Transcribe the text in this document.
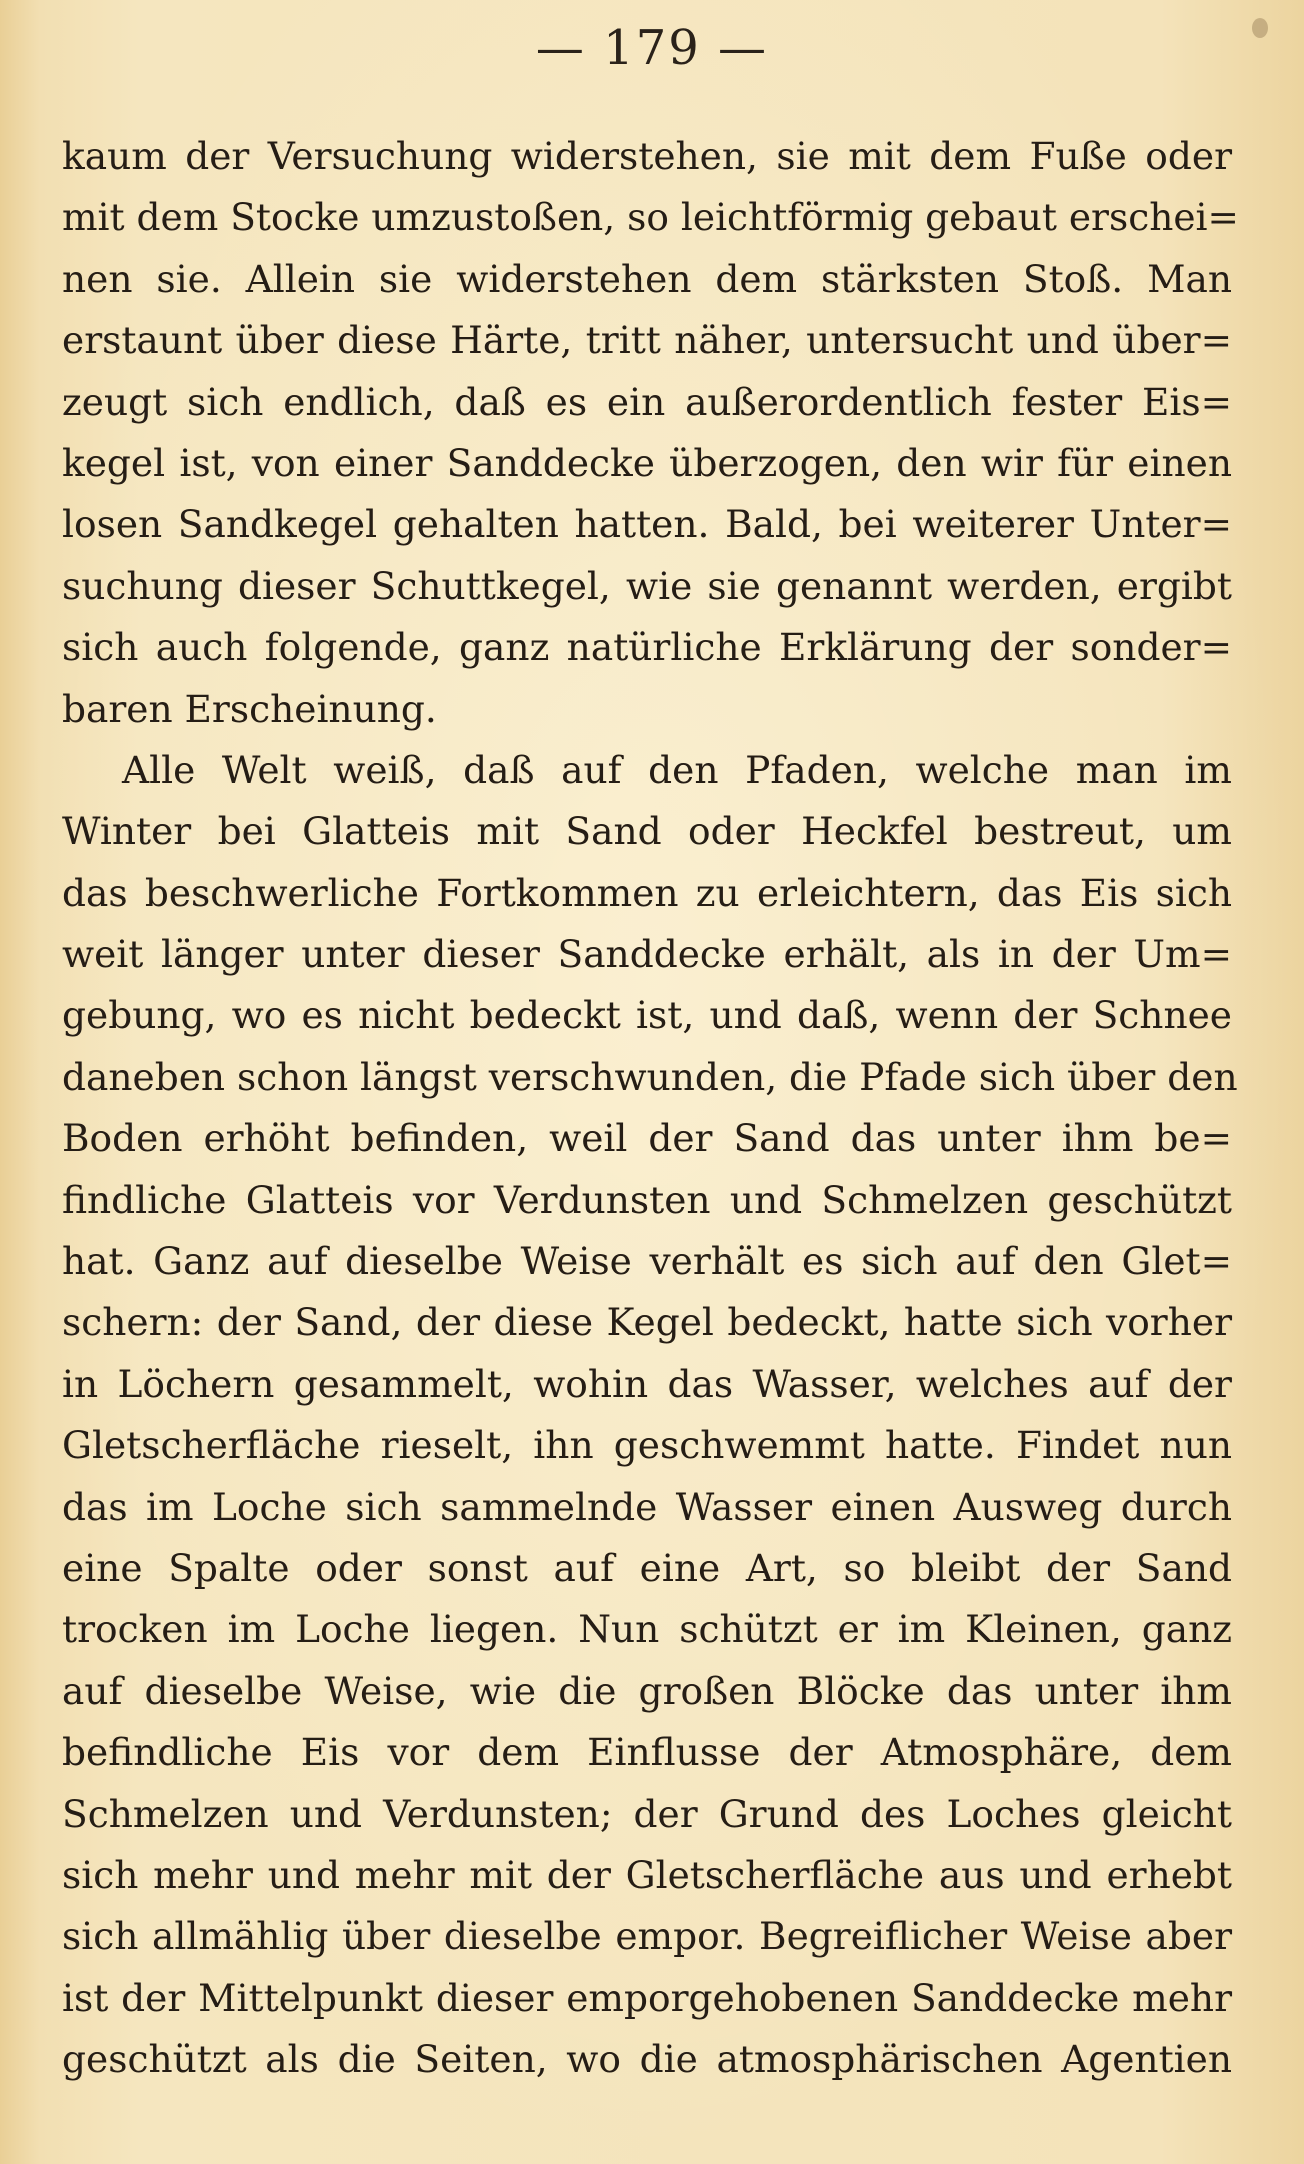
— 179 —
kaum der Versuchung widerstehen, sie mit dem Fuße oder
mit dem Stocke umzustoßen, so leichtförmig gebaut erschei=
nen sie. Allein sie widerstehen dem stärksten Stoß. Man
erstaunt über diese Härte, tritt näher, untersucht und über=
zeugt sich endlich, daß es ein außerordentlich fester Eis=
kegel ist, von einer Sanddecke überzogen, den wir für einen
losen Sandkegel gehalten hatten. Bald, bei weiterer Unter=
suchung dieser Schuttkegel, wie sie genannt werden, ergibt
sich auch folgende, ganz natürliche Erklärung der sonder=
baren Erscheinung.
Alle Welt weiß, daß auf den Pfaden, welche man im
Winter bei Glatteis mit Sand oder Heckfel bestreut, um
das beschwerliche Fortkommen zu erleichtern, das Eis sich
weit länger unter dieser Sanddecke erhält, als in der Um=
gebung, wo es nicht bedeckt ist, und daß, wenn der Schnee
daneben schon längst verschwunden, die Pfade sich über den
Boden erhöht befinden, weil der Sand das unter ihm be=
findliche Glatteis vor Verdunsten und Schmelzen geschützt
hat. Ganz auf dieselbe Weise verhält es sich auf den Glet=
schern: der Sand, der diese Kegel bedeckt, hatte sich vorher
in Löchern gesammelt, wohin das Wasser, welches auf der
Gletscherfläche rieselt, ihn geschwemmt hatte. Findet nun
das im Loche sich sammelnde Wasser einen Ausweg durch
eine Spalte oder sonst auf eine Art, so bleibt der Sand
trocken im Loche liegen. Nun schützt er im Kleinen, ganz
auf dieselbe Weise, wie die großen Blöcke das unter ihm
befindliche Eis vor dem Einflusse der Atmosphäre, dem
Schmelzen und Verdunsten; der Grund des Loches gleicht
sich mehr und mehr mit der Gletscherfläche aus und erhebt
sich allmählig über dieselbe empor. Begreiflicher Weise aber
ist der Mittelpunkt dieser emporgehobenen Sanddecke mehr
geschützt als die Seiten, wo die atmosphärischen Agentien
